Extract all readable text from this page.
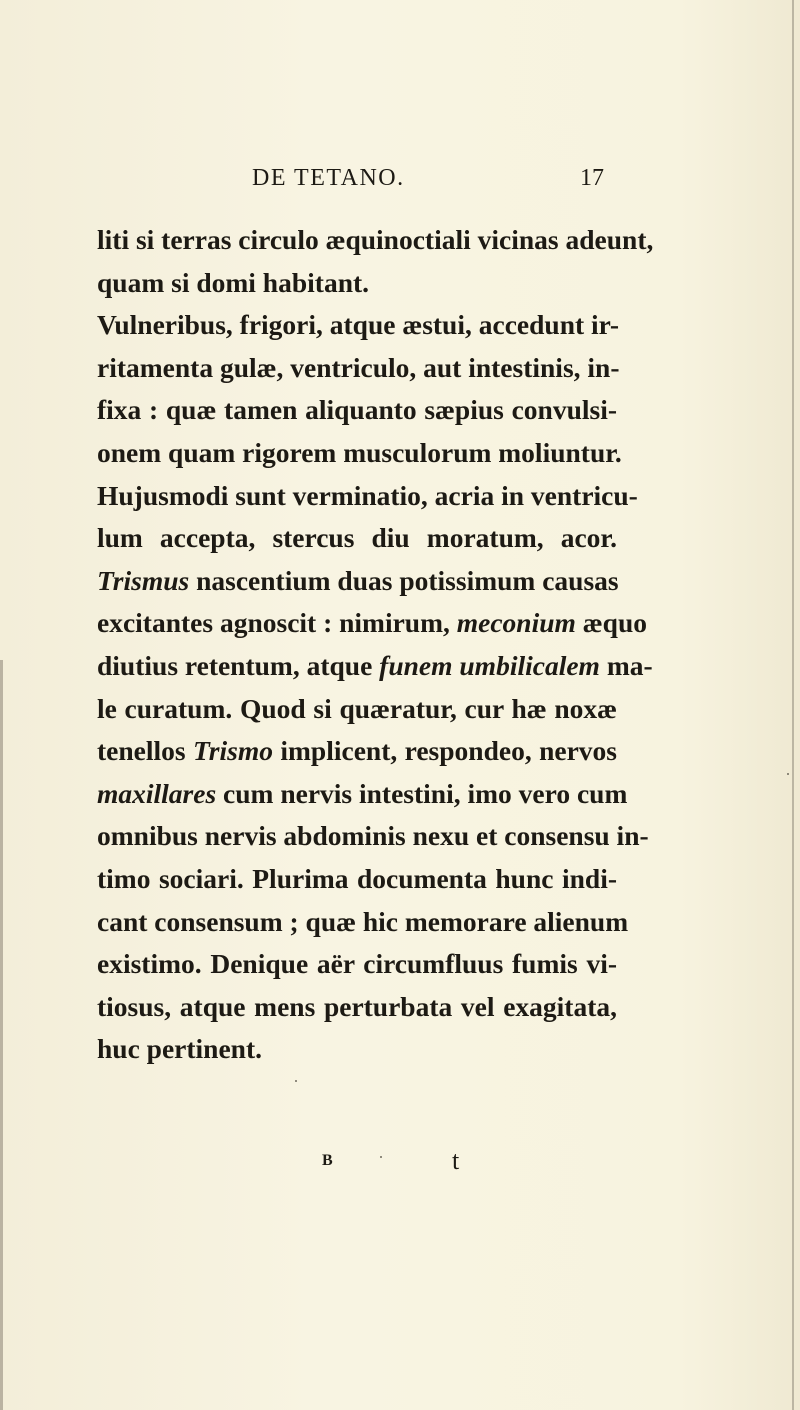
DE TETANO.	17
liti si terras circulo æquinoctiali vicinas adeunt,
quam si domi habitant.
Vulneribus, frigori, atque æstui, accedunt ir-
ritamenta gulæ, ventriculo, aut intestinis, in-
fixa : quæ tamen aliquanto sæpius convulsi-
onem quam rigorem musculorum moliuntur.
Hujusmodi sunt verminatio, acria in ventricu-
lum accepta, stercus diu moratum, acor.
Trismus nascentium duas potissimum causas
excitantes agnoscit : nimirum, meconium æquo
diutius retentum, atque funem umbilicalem ma-
le curatum. Quod si quæratur, cur hæ noxæ
tenellos Trismo implicent, respondeo, nervos
maxillares cum nervis intestini, imo vero cum
omnibus nervis abdominis nexu et consensu in-
timo sociari. Plurima documenta hunc indi-
cant consensum ; quæ hic memorare alienum
existimo. Denique aër circumfluus fumis vi-
tiosus, atque mens perturbata vel exagitata,
huc pertinent.
B	t
